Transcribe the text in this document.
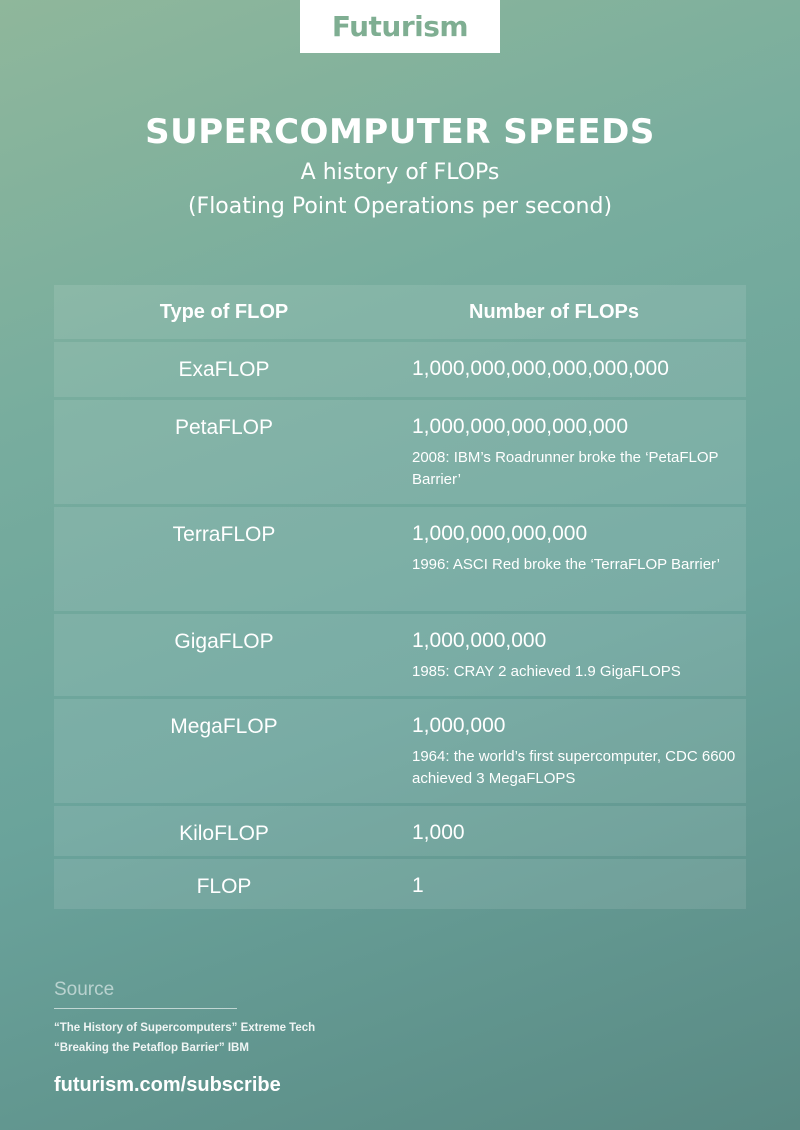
Futurism
SUPERCOMPUTER SPEEDS
A history of FLOPs
(Floating Point Operations per second)
Type of FLOP	Number of FLOPs
ExaFLOP	1,000,000,000,000,000,000
PetaFLOP	1,000,000,000,000,000
2008: IBM’s Roadrunner broke the ‘PetaFLOP Barrier’
TerraFLOP	1,000,000,000,000
1996: ASCI Red broke the ‘TerraFLOP Barrier’
GigaFLOP	1,000,000,000
1985: CRAY 2 achieved 1.9 GigaFLOPS
MegaFLOP	1,000,000
1964: the world’s first supercomputer, CDC 6600 achieved 3 MegaFLOPS
KiloFLOP	1,000
FLOP	1
Source
“The History of Supercomputers” Extreme Tech
“Breaking the Petaflop Barrier” IBM
futurism.com/subscribe
